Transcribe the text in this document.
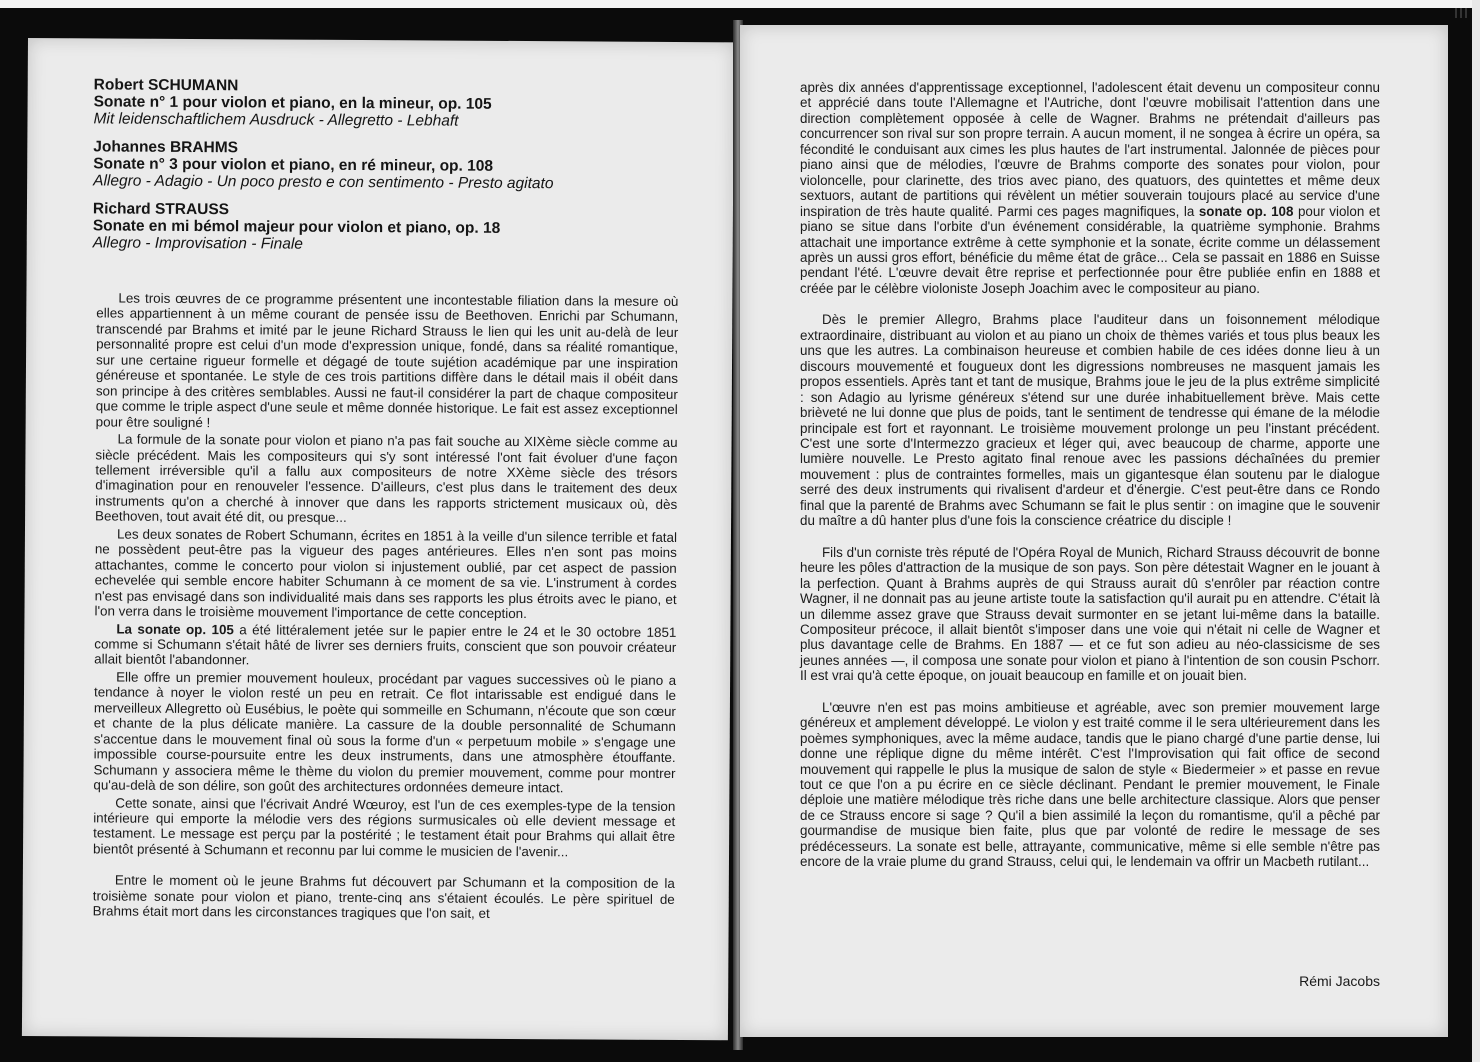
Robert SCHUMANN
Sonate n° 1 pour violon et piano, en la mineur, op. 105
Mit leidenschaftlichem Ausdruck - Allegretto - Lebhaft
Johannes BRAHMS
Sonate n° 3 pour violon et piano, en ré mineur, op. 108
Allegro - Adagio - Un poco presto e con sentimento - Presto agitato
Richard STRAUSS
Sonate en mi bémol majeur pour violon et piano, op. 18
Allegro - Improvisation - Finale

Les trois œuvres de ce programme présentent une incontestable filiation dans la mesure où elles appartiennent à un même courant de pensée issu de Beethoven. Enrichi par Schumann, transcendé par Brahms et imité par le jeune Richard Strauss le lien qui les unit au-delà de leur personnalité propre est celui d'un mode d'expression unique, fondé, dans sa réalité romantique, sur une certaine rigueur formelle et dégagé de toute sujétion académique par une inspiration généreuse et spontanée. Le style de ces trois partitions diffère dans le détail mais il obéit dans son principe à des critères semblables. Aussi ne faut-il considérer la part de chaque compositeur que comme le triple aspect d'une seule et même donnée historique. Le fait est assez exceptionnel pour être souligné !

La formule de la sonate pour violon et piano n'a pas fait souche au XIXème siècle comme au siècle précédent. Mais les compositeurs qui s'y sont intéressé l'ont fait évoluer d'une façon tellement irréversible qu'il a fallu aux compositeurs de notre XXème siècle des trésors d'imagination pour en renouveler l'essence. D'ailleurs, c'est plus dans le traitement des deux instruments qu'on a cherché à innover que dans les rapports strictement musicaux où, dès Beethoven, tout avait été dit, ou presque...

Les deux sonates de Robert Schumann, écrites en 1851 à la veille d'un silence terrible et fatal ne possèdent peut-être pas la vigueur des pages antérieures. Elles n'en sont pas moins attachantes, comme le concerto pour violon si injustement oublié, par cet aspect de passion echevelée qui semble encore habiter Schumann à ce moment de sa vie. L'instrument à cordes n'est pas envisagé dans son individualité mais dans ses rapports les plus étroits avec le piano, et l'on verra dans le troisième mouvement l'importance de cette conception.

La sonate op. 105 a été littéralement jetée sur le papier entre le 24 et le 30 octobre 1851 comme si Schumann s'était hâté de livrer ses derniers fruits, conscient que son pouvoir créateur allait bientôt l'abandonner.

Elle offre un premier mouvement houleux, procédant par vagues successives où le piano a tendance à noyer le violon resté un peu en retrait. Ce flot intarissable est endigué dans le merveilleux Allegretto où Eusébius, le poète qui sommeille en Schumann, n'écoute que son cœur et chante de la plus délicate manière. La cassure de la double personnalité de Schumann s'accentue dans le mouvement final où sous la forme d'un « perpetuum mobile » s'engage une impossible course-poursuite entre les deux instruments, dans une atmosphère étouffante. Schumann y associera même le thème du violon du premier mouvement, comme pour montrer qu'au-delà de son délire, son goût des architectures ordonnées demeure intact.

Cette sonate, ainsi que l'écrivait André Wœuroy, est l'un de ces exemples-type de la tension intérieure qui emporte la mélodie vers des régions surmusicales où elle devient message et testament. Le message est perçu par la postérité ; le testament était pour Brahms qui allait être bientôt présenté à Schumann et reconnu par lui comme le musicien de l'avenir...

Entre le moment où le jeune Brahms fut découvert par Schumann et la composition de la troisième sonate pour violon et piano, trente-cinq ans s'étaient écoulés. Le père spirituel de Brahms était mort dans les circonstances tragiques que l'on sait, et

après dix années d'apprentissage exceptionnel, l'adolescent était devenu un compositeur connu et apprécié dans toute l'Allemagne et l'Autriche, dont l'œuvre mobilisait l'attention dans une direction complètement opposée à celle de Wagner. Brahms ne prétendait d'ailleurs pas concurrencer son rival sur son propre terrain. A aucun moment, il ne songea à écrire un opéra, sa fécondité le conduisant aux cimes les plus hautes de l'art instrumental. Jalonnée de pièces pour piano ainsi que de mélodies, l'œuvre de Brahms comporte des sonates pour violon, pour violoncelle, pour clarinette, des trios avec piano, des quatuors, des quintettes et même deux sextuors, autant de partitions qui révèlent un métier souverain toujours placé au service d'une inspiration de très haute qualité. Parmi ces pages magnifiques, la sonate op. 108 pour violon et piano se situe dans l'orbite d'un événement considérable, la quatrième symphonie. Brahms attachait une importance extrême à cette symphonie et la sonate, écrite comme un délassement après un aussi gros effort, bénéficie du même état de grâce... Cela se passait en 1886 en Suisse pendant l'été. L'œuvre devait être reprise et perfectionnée pour être publiée enfin en 1888 et créée par le célèbre violoniste Joseph Joachim avec le compositeur au piano.

Dès le premier Allegro, Brahms place l'auditeur dans un foisonnement mélodique extraordinaire, distribuant au violon et au piano un choix de thèmes variés et tous plus beaux les uns que les autres. La combinaison heureuse et combien habile de ces idées donne lieu à un discours mouvementé et fougueux dont les digressions nombreuses ne masquent jamais les propos essentiels. Après tant et tant de musique, Brahms joue le jeu de la plus extrême simplicité : son Adagio au lyrisme généreux s'étend sur une durée inhabituellement brève. Mais cette brièveté ne lui donne que plus de poids, tant le sentiment de tendresse qui émane de la mélodie principale est fort et rayonnant. Le troisième mouvement prolonge un peu l'instant précédent. C'est une sorte d'Intermezzo gracieux et léger qui, avec beaucoup de charme, apporte une lumière nouvelle. Le Presto agitato final renoue avec les passions déchaînées du premier mouvement : plus de contraintes formelles, mais un gigantesque élan soutenu par le dialogue serré des deux instruments qui rivalisent d'ardeur et d'énergie. C'est peut-être dans ce Rondo final que la parenté de Brahms avec Schumann se fait le plus sentir : on imagine que le souvenir du maître a dû hanter plus d'une fois la conscience créatrice du disciple !

Fils d'un corniste très réputé de l'Opéra Royal de Munich, Richard Strauss découvrit de bonne heure les pôles d'attraction de la musique de son pays. Son père détestait Wagner en le jouant à la perfection. Quant à Brahms auprès de qui Strauss aurait dû s'enrôler par réaction contre Wagner, il ne donnait pas au jeune artiste toute la satisfaction qu'il aurait pu en attendre. C'était là un dilemme assez grave que Strauss devait surmonter en se jetant lui-même dans la bataille. Compositeur précoce, il allait bientôt s'imposer dans une voie qui n'était ni celle de Wagner et plus davantage celle de Brahms. En 1887 — et ce fut son adieu au néo-classicisme de ses jeunes années —, il composa une sonate pour violon et piano à l'intention de son cousin Pschorr. Il est vrai qu'à cette époque, on jouait beaucoup en famille et on jouait bien.

L'œuvre n'en est pas moins ambitieuse et agréable, avec son premier mouvement large généreux et amplement développé. Le violon y est traité comme il le sera ultérieurement dans les poèmes symphoniques, avec la même audace, tandis que le piano chargé d'une partie dense, lui donne une réplique digne du même intérêt. C'est l'Improvisation qui fait office de second mouvement qui rappelle le plus la musique de salon de style « Biedermeier » et passe en revue tout ce que l'on a pu écrire en ce siècle déclinant. Pendant le premier mouvement, le Finale déploie une matière mélodique très riche dans une belle architecture classique. Alors que penser de ce Strauss encore si sage ? Qu'il a bien assimilé la leçon du romantisme, qu'il a pêché par gourmandise de musique bien faite, plus que par volonté de redire le message de ses prédécesseurs. La sonate est belle, attrayante, communicative, même si elle semble n'être pas encore de la vraie plume du grand Strauss, celui qui, le lendemain va offrir un Macbeth rutilant...

Rémi Jacobs
